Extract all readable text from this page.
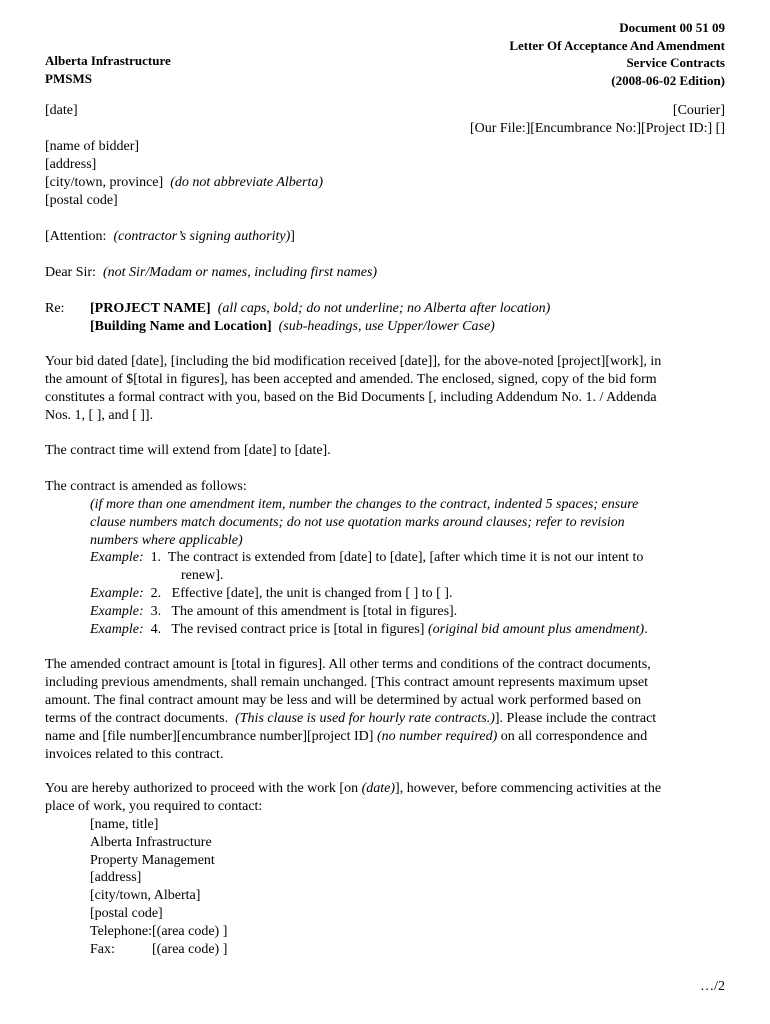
Document 00 51 09
Letter Of Acceptance And Amendment
Service Contracts
(2008-06-02 Edition)
Alberta Infrastructure
PMSMS
[date]	[Courier]
[Our File:][Encumbrance No:][Project ID:] []
[name of bidder]
[address]
[city/town, province] (do not abbreviate Alberta)
[postal code]
[Attention: (contractor’s signing authority)]
Dear Sir: (not Sir/Madam or names, including first names)
Re: [PROJECT NAME] (all caps, bold; do not underline; no Alberta after location)
[Building Name and Location] (sub-headings, use Upper/lower Case)
Your bid dated [date], [including the bid modification received [date]], for the above-noted [project][work], in
the amount of $[total in figures], has been accepted and amended. The enclosed, signed, copy of the bid form
constitutes a formal contract with you, based on the Bid Documents [, including Addendum No. 1. / Addenda
Nos. 1, [ ], and [ ]].
The contract time will extend from [date] to [date].
The contract is amended as follows:
(if more than one amendment item, number the changes to the contract, indented 5 spaces; ensure
clause numbers match documents; do not use quotation marks around clauses; refer to revision
numbers where applicable)
Example: 1. The contract is extended from [date] to [date], [after which time it is not our intent to
renew].
Example: 2. Effective [date], the unit is changed from [ ] to [ ].
Example: 3. The amount of this amendment is [total in figures].
Example: 4. The revised contract price is [total in figures] (original bid amount plus amendment).
The amended contract amount is [total in figures]. All other terms and conditions of the contract documents,
including previous amendments, shall remain unchanged. [This contract amount represents maximum upset
amount. The final contract amount may be less and will be determined by actual work performed based on
terms of the contract documents. (This clause is used for hourly rate contracts.)]. Please include the contract
name and [file number][encumbrance number][project ID] (no number required) on all correspondence and
invoices related to this contract.
You are hereby authorized to proceed with the work [on (date)], however, before commencing activities at the
place of work, you required to contact:
[name, title]
Alberta Infrastructure
Property Management
[address]
[city/town, Alberta]
[postal code]
Telephone:[(area code) ]
Fax:	[(area code) ]
…/2
